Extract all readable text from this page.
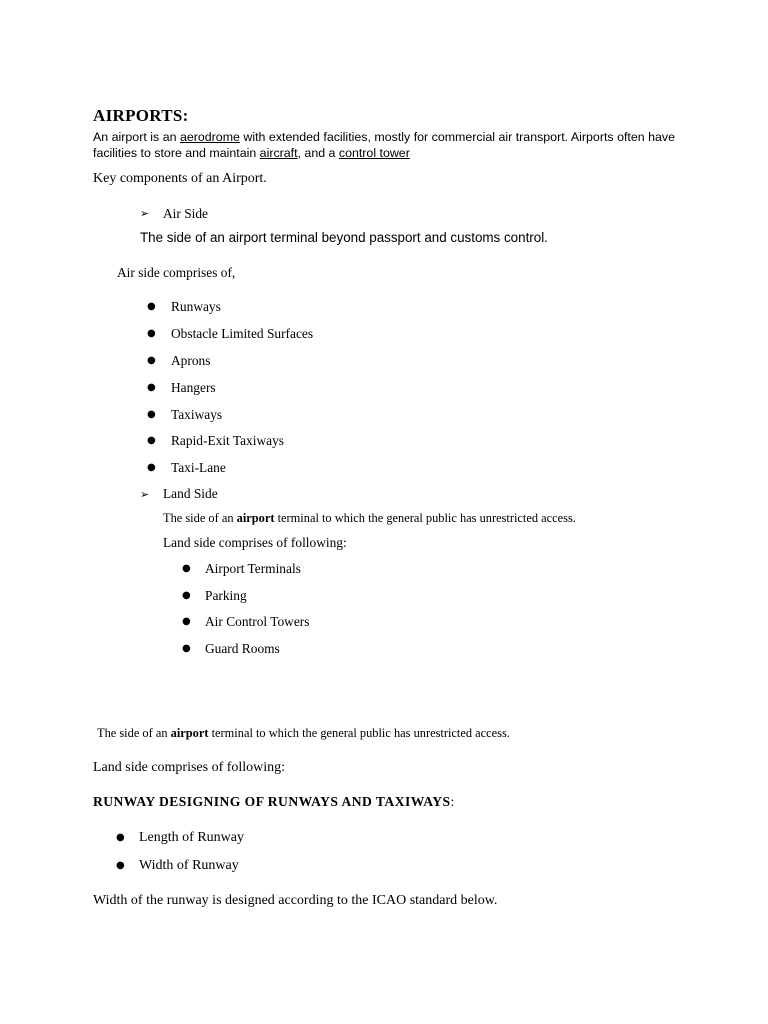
AIRPORTS:
An airport is an aerodrome with extended facilities, mostly for commercial air transport. Airports often have facilities to store and maintain aircraft, and a control tower
Key components of an Airport.
➢ Air Side
The side of an airport terminal beyond passport and customs control.
Air side comprises of,
● Runways
● Obstacle Limited Surfaces
● Aprons
● Hangers
● Taxiways
● Rapid-Exit Taxiways
● Taxi-Lane
➢ Land Side
The side of an airport terminal to which the general public has unrestricted access.
Land side comprises of following:
● Airport Terminals
● Parking
● Air Control Towers
● Guard Rooms
The side of an airport terminal to which the general public has unrestricted access.
Land side comprises of following:
RUNWAY DESIGNING OF RUNWAYS AND TAXIWAYS:
● Length of Runway
● Width of Runway
Width of the runway is designed according to the ICAO standard below.
